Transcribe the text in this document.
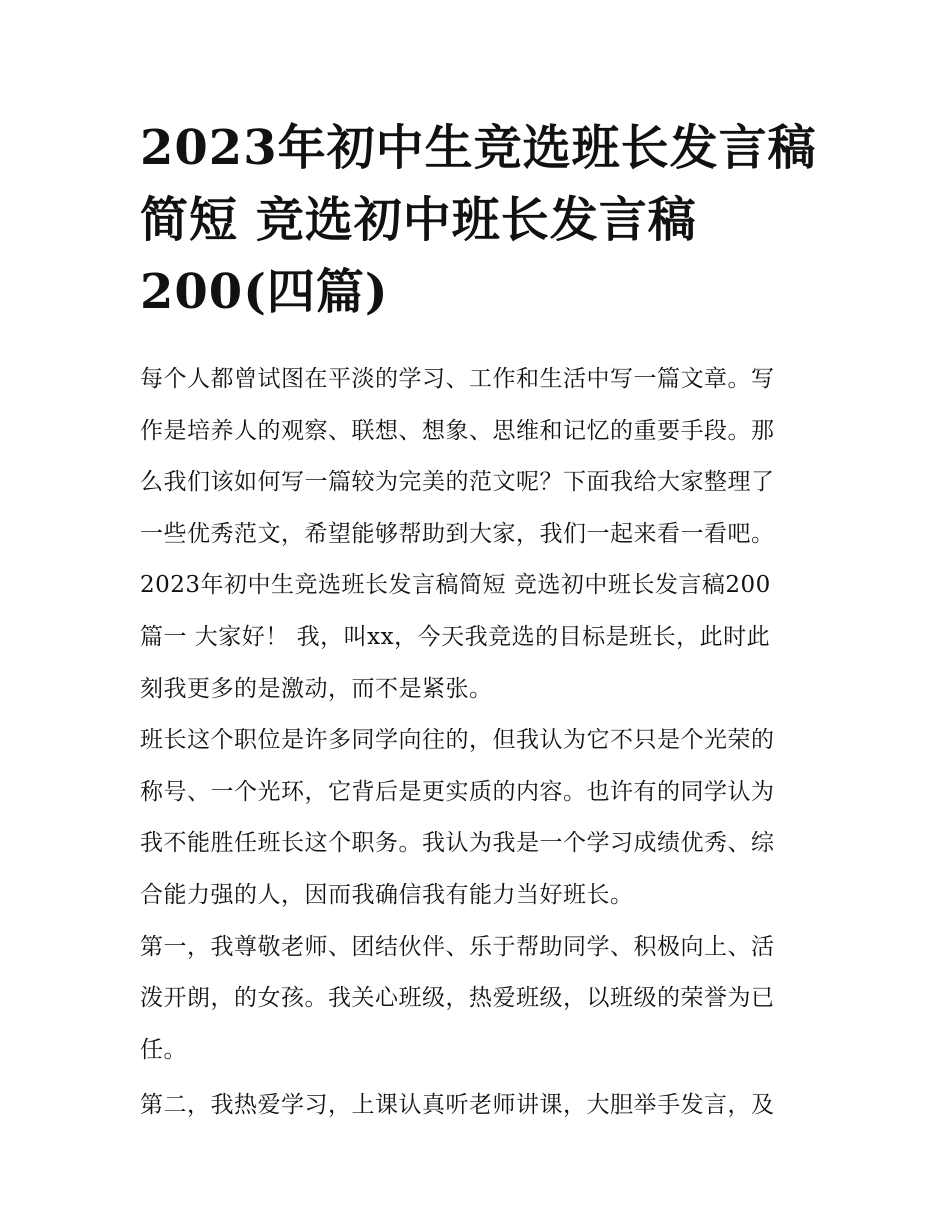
2023年初中生竞选班长发言稿
简短 竞选初中班长发言稿
200(四篇)
每个人都曾试图在平淡的学习、工作和生活中写一篇文章。写
作是培养人的观察、联想、想象、思维和记忆的重要手段。那
么我们该如何写一篇较为完美的范文呢？下面我给大家整理了
一些优秀范文，希望能够帮助到大家，我们一起来看一看吧。
2023年初中生竞选班长发言稿简短 竞选初中班长发言稿200
篇一 大家好！ 我，叫xx，今天我竞选的目标是班长，此时此
刻我更多的是激动，而不是紧张。
班长这个职位是许多同学向往的，但我认为它不只是个光荣的
称号、一个光环，它背后是更实质的内容。也许有的同学认为
我不能胜任班长这个职务。我认为我是一个学习成绩优秀、综
合能力强的人，因而我确信我有能力当好班长。
第一，我尊敬老师、团结伙伴、乐于帮助同学、积极向上、活
泼开朗，的女孩。我关心班级，热爱班级，以班级的荣誉为已
任。
第二，我热爱学习，上课认真听老师讲课，大胆举手发言，及
